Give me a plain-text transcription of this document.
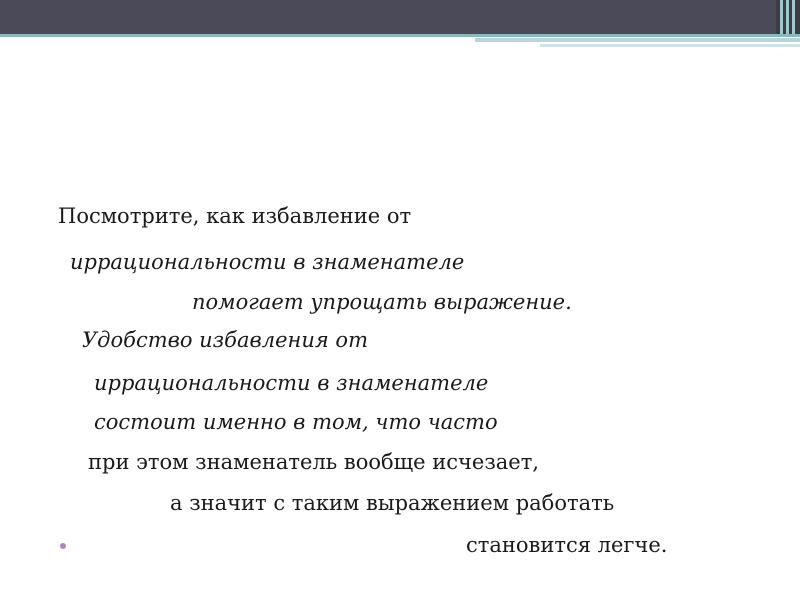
Посмотрите, как избавление от
иррациональности в знаменателе
помогает упрощать выражение.
Удобство избавления от
иррациональности в знаменателе
состоит именно в том, что часто
при этом знаменатель вообще исчезает,
а значит с таким выражением работать
становится легче.
